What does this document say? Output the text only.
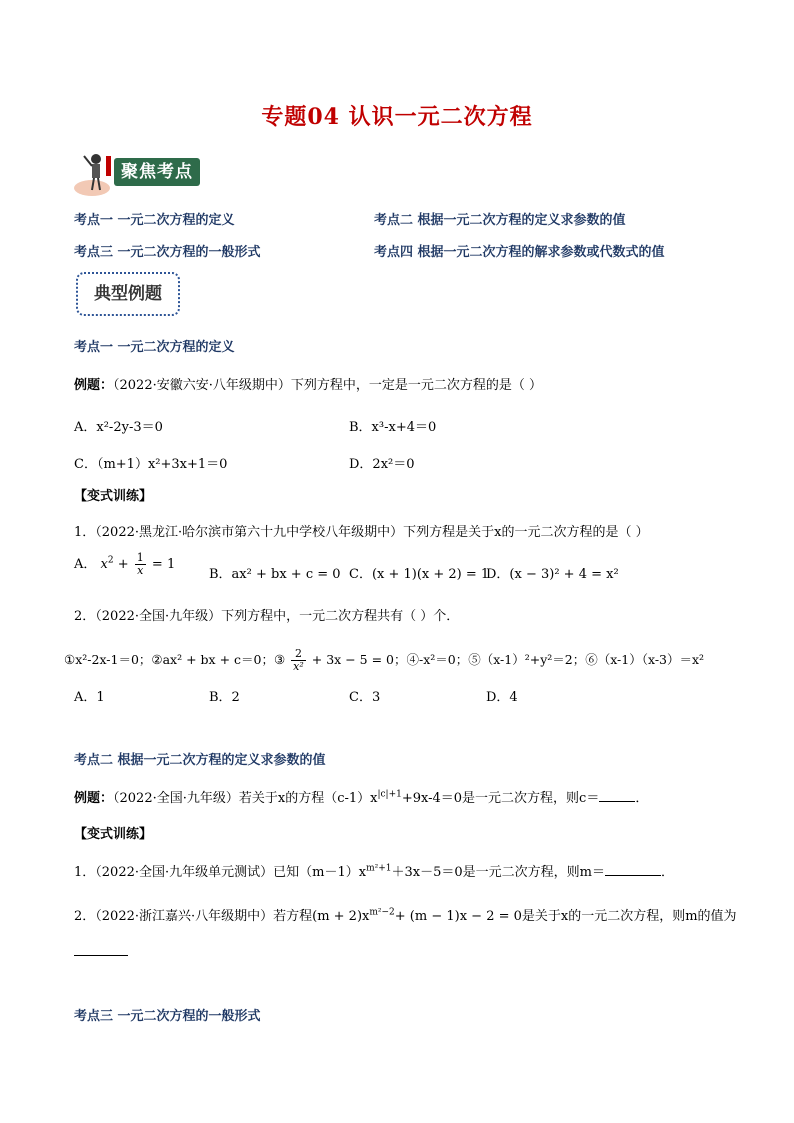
专题04 认识一元二次方程
聚焦考点
考点一 一元二次方程的定义	考点二 根据一元二次方程的定义求参数的值
考点三 一元二次方程的一般形式	考点四 根据一元二次方程的解求参数或代数式的值
典型例题
考点一 一元二次方程的定义
例题：（2022·安徽六安·八年级期中）下列方程中，一定是一元二次方程的是（ ）
A．x²-2y-3＝0	B．x³-x+4＝0
C．（m+1）x²+3x+1＝0	D．2x²＝0
【变式训练】
1．（2022·黑龙江·哈尔滨市第六十九中学校八年级期中）下列方程是关于x的一元二次方程的是（ ）
A． $x^2 + \frac{1}{x} = 1$
B．ax² + bx + c = 0 C．(x + 1)(x + 2) = 1
D．(x − 3)² + 4 = x²
2．（2022·全国·九年级）下列方程中，一元二次方程共有（ ）个．
①x²-2x-1＝0；②ax² + bx + c＝0；③ $\frac{2}{\text{x²}} + 3x - 5 = 0$；④-x²＝0；⑤（x-1）²+y²＝2；⑥（x-1）（x-3）＝x²
A．1	B．2	C．3	D．4
考点二 根据一元二次方程的定义求参数的值
例题：（2022·全国·九年级）若关于x的方程$(c-1)x^{|c|+1}+9x-4=0$是一元二次方程，则c＝	．
【变式训练】
1．（2022·全国·九年级单元测试）已知$(m-1)x^{m^2+1}+3x-5=0$是一元二次方程，则m＝	．
2．（2022·浙江嘉兴·八年级期中）若方程$(m + 2)x^{m^2-2}+ (m - 1)x - 2 = 0$是关于x的一元二次方程，则m的值为
考点三 一元二次方程的一般形式
